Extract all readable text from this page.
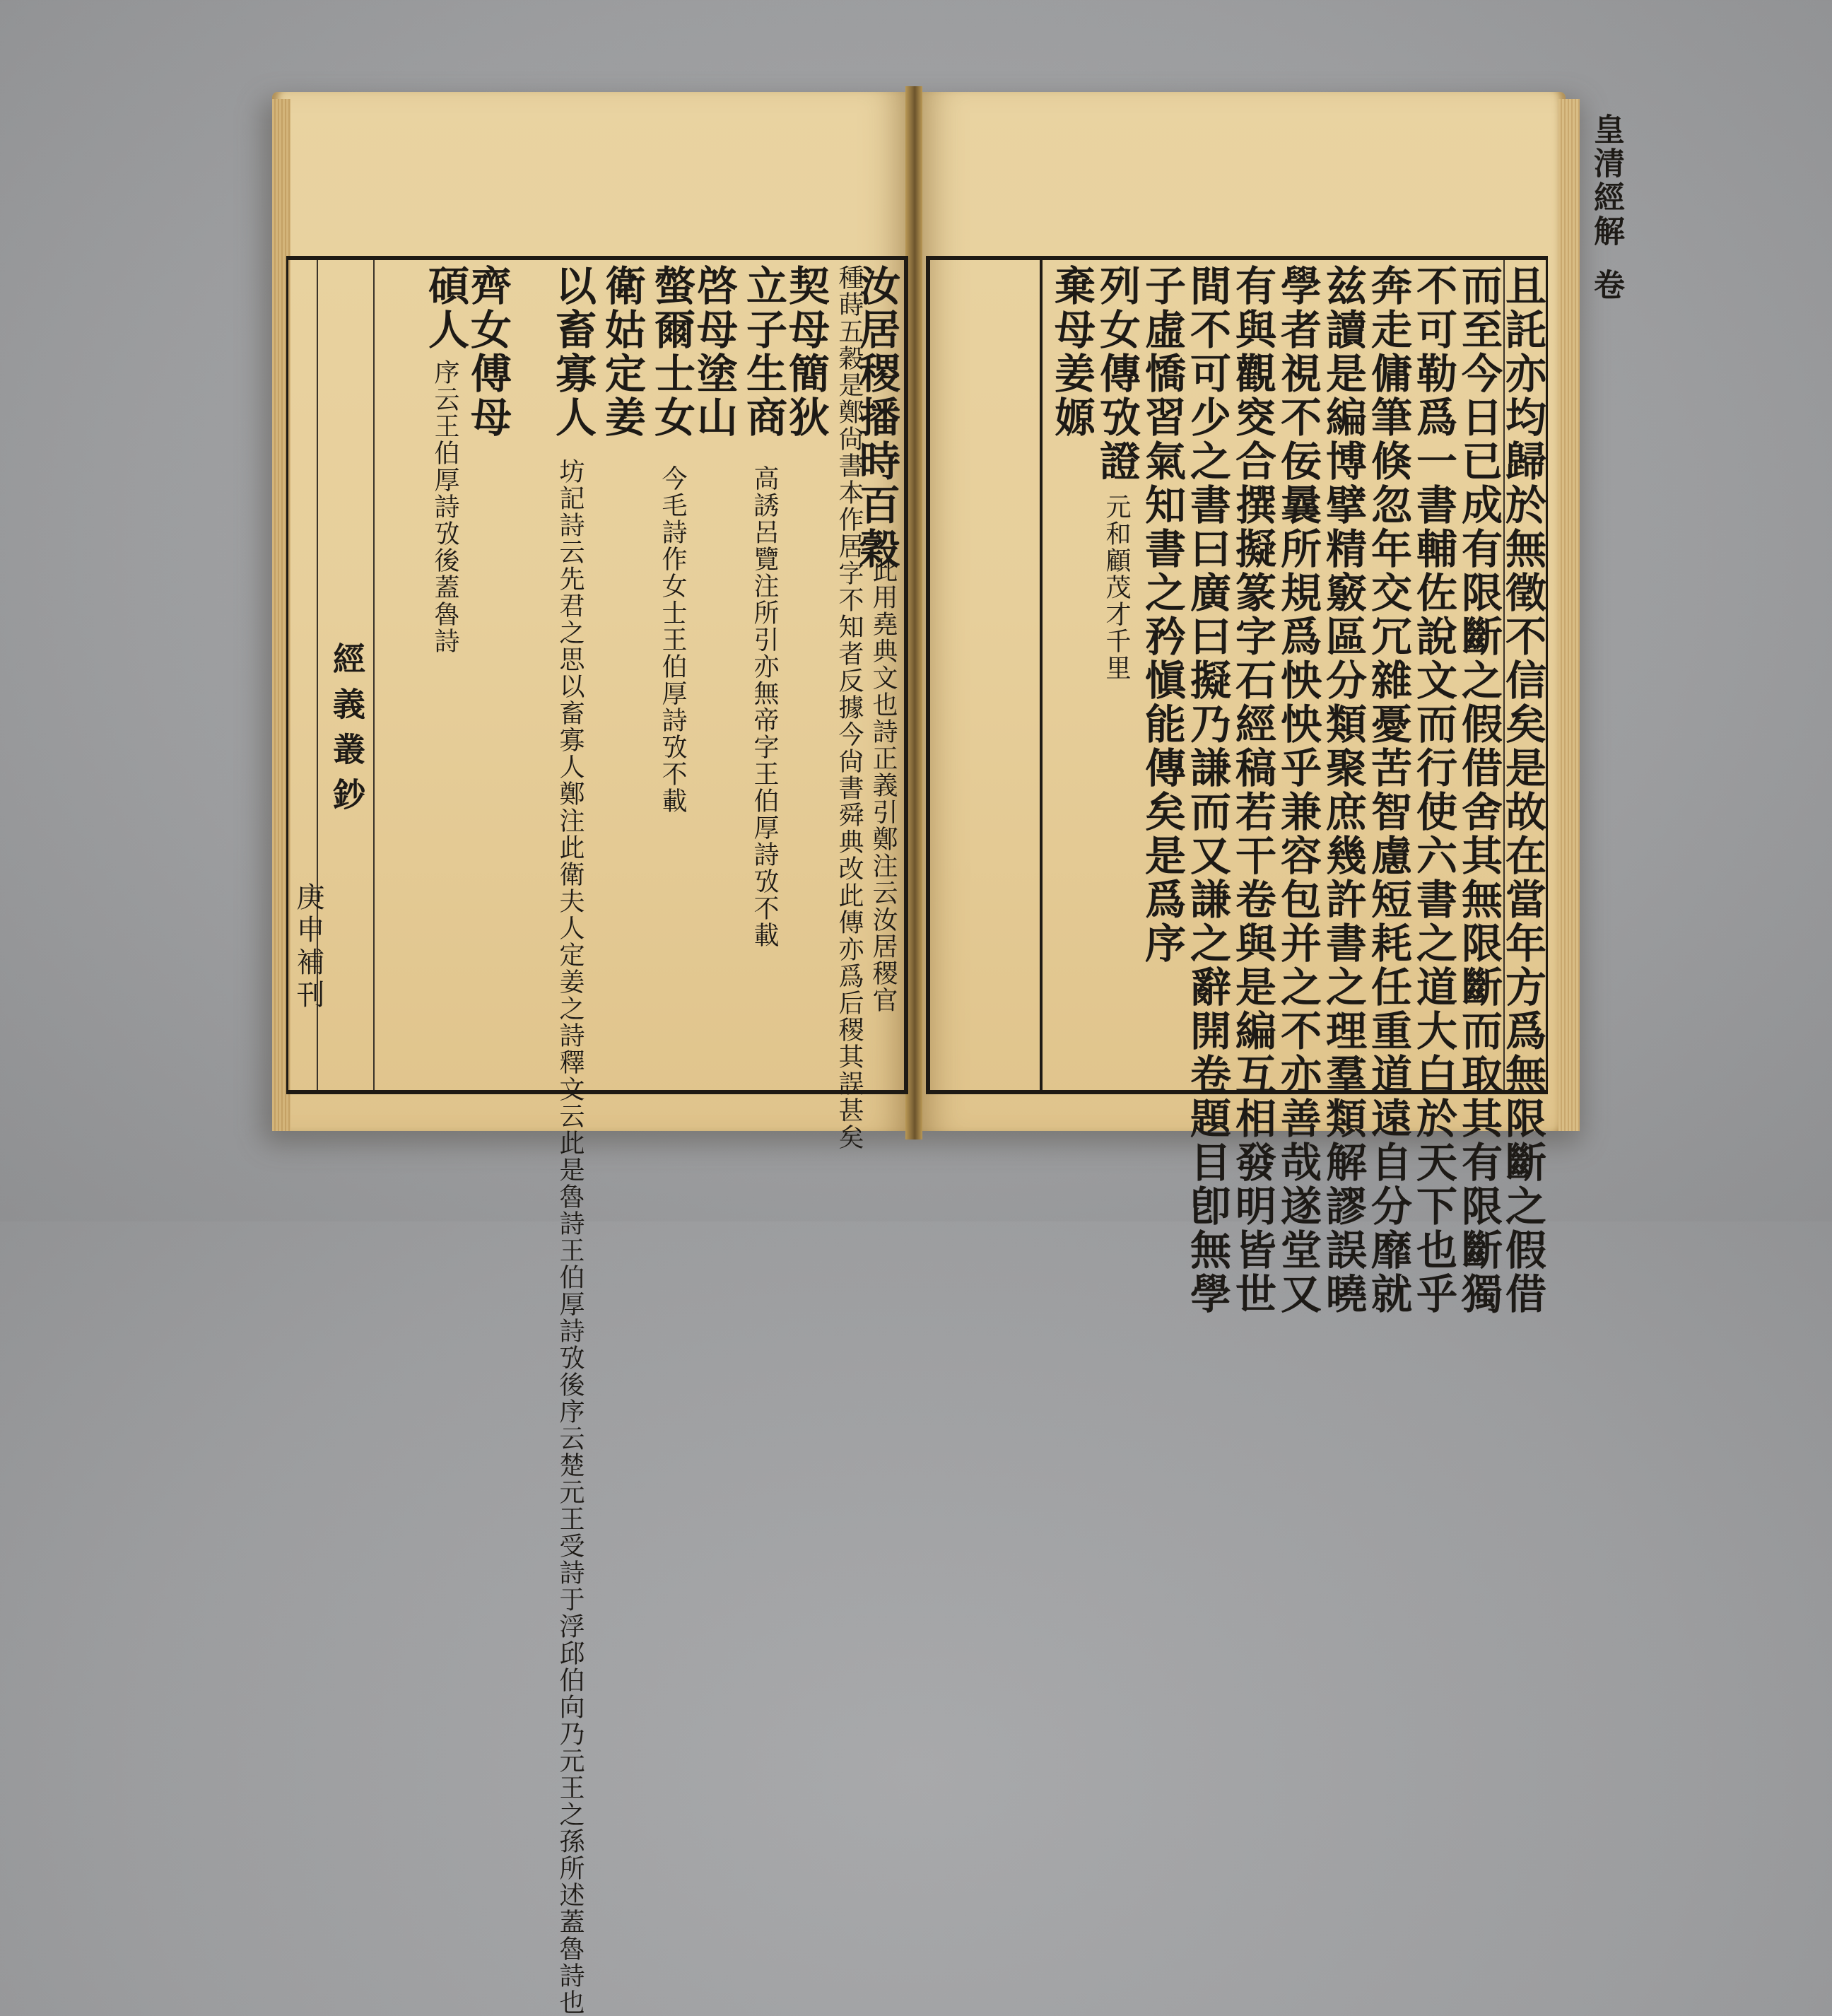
汝居稷播時百穀
此用堯典文也詩正義引鄭注云汝居稷官
種蒔五穀是鄭尙書本作居字不知者反據今尙書舜典改此傳亦爲后稷其誤甚矣
契母簡狄
立子生商
高誘呂覽注所引亦無帝字王伯厚詩攷不載
啓母塗山
螫爾士女
今毛詩作女士王伯厚詩攷不載
衛姑定姜
以畜寡人
坊記詩云先君之思以畜寡人鄭注此衛夫人定姜之詩釋文云此是魯詩王伯厚詩攷後序云楚元王受詩于浮邱伯向乃元王之孫所述蓋魯詩也
齊女傅母
碩人
序云王伯厚詩攷後蓋魯詩
經義叢鈔
庚申補刊
　　　　　	且託亦均歸於無徵不信矣是故在當年方爲無限斷之假借
而至今日已成有限斷之假借舍其無限斷而取其有限斷獨
不可勒爲一書輔佐說文而行使六書之道大白於天下也乎
奔走傭筆倏忽年交冗雜憂苦智慮短耗任重道遠自分靡就
兹讀是編博擘精竅區分類聚庶幾許書之理羣類解謬誤曉
學者視不佞曩所規爲怏怏乎兼容包并之不亦善哉遂堂又
有與觀窔合撰擬篆字石經稿若干卷與是編互相發明皆世
間不可少之書曰廣曰擬乃謙而又謙之辭開卷題目卽無學
子虛憍習氣知書之矜愼能傳矣是爲序
列女傳攷證
元和顧茂才千里
棄母姜嫄
皇清經解
卷
